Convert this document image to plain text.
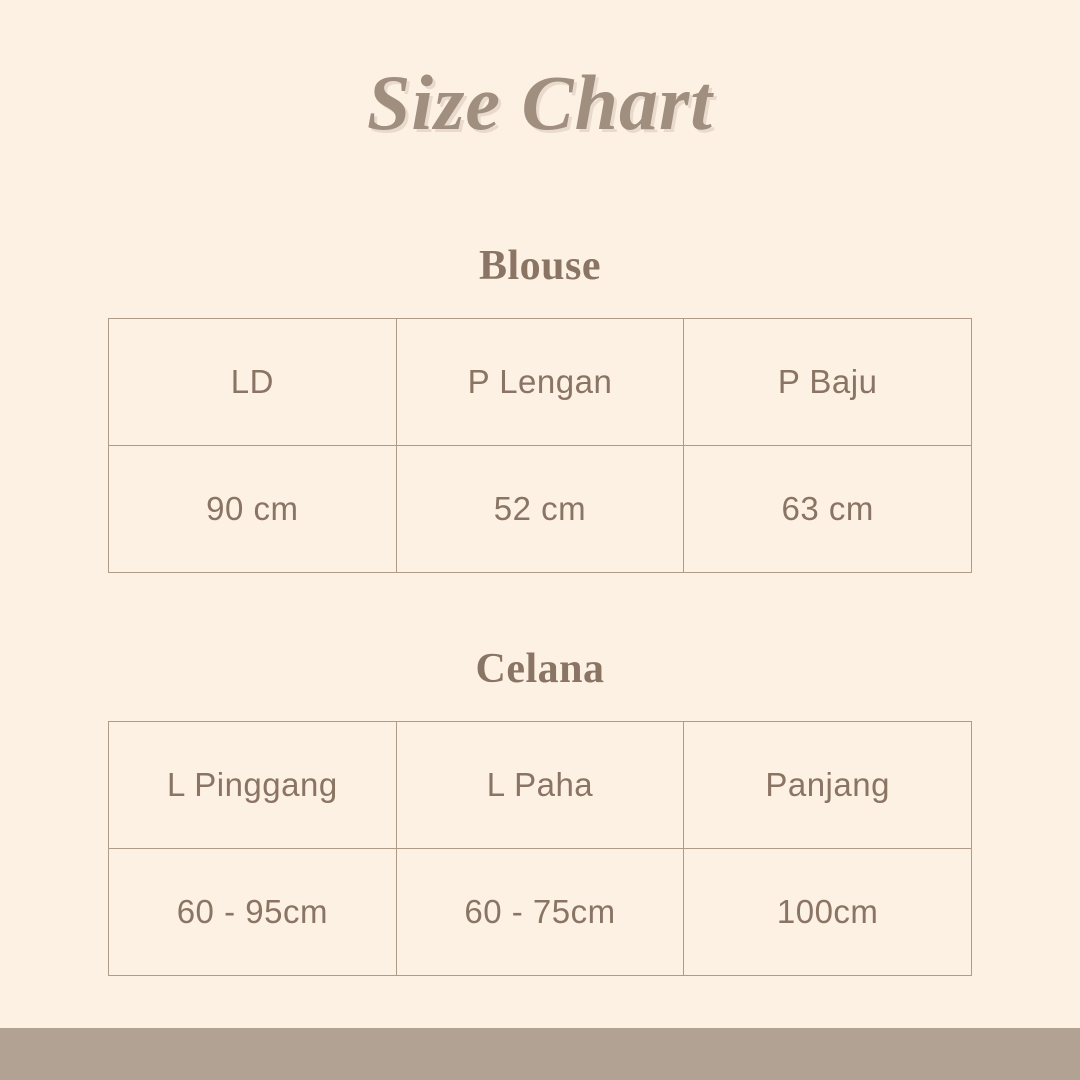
Size Chart
Blouse
LD	P Lengan	P Baju
90 cm	52 cm	63 cm
Celana
L Pinggang	L Paha	Panjang
60 - 95cm	60 - 75cm	100cm
